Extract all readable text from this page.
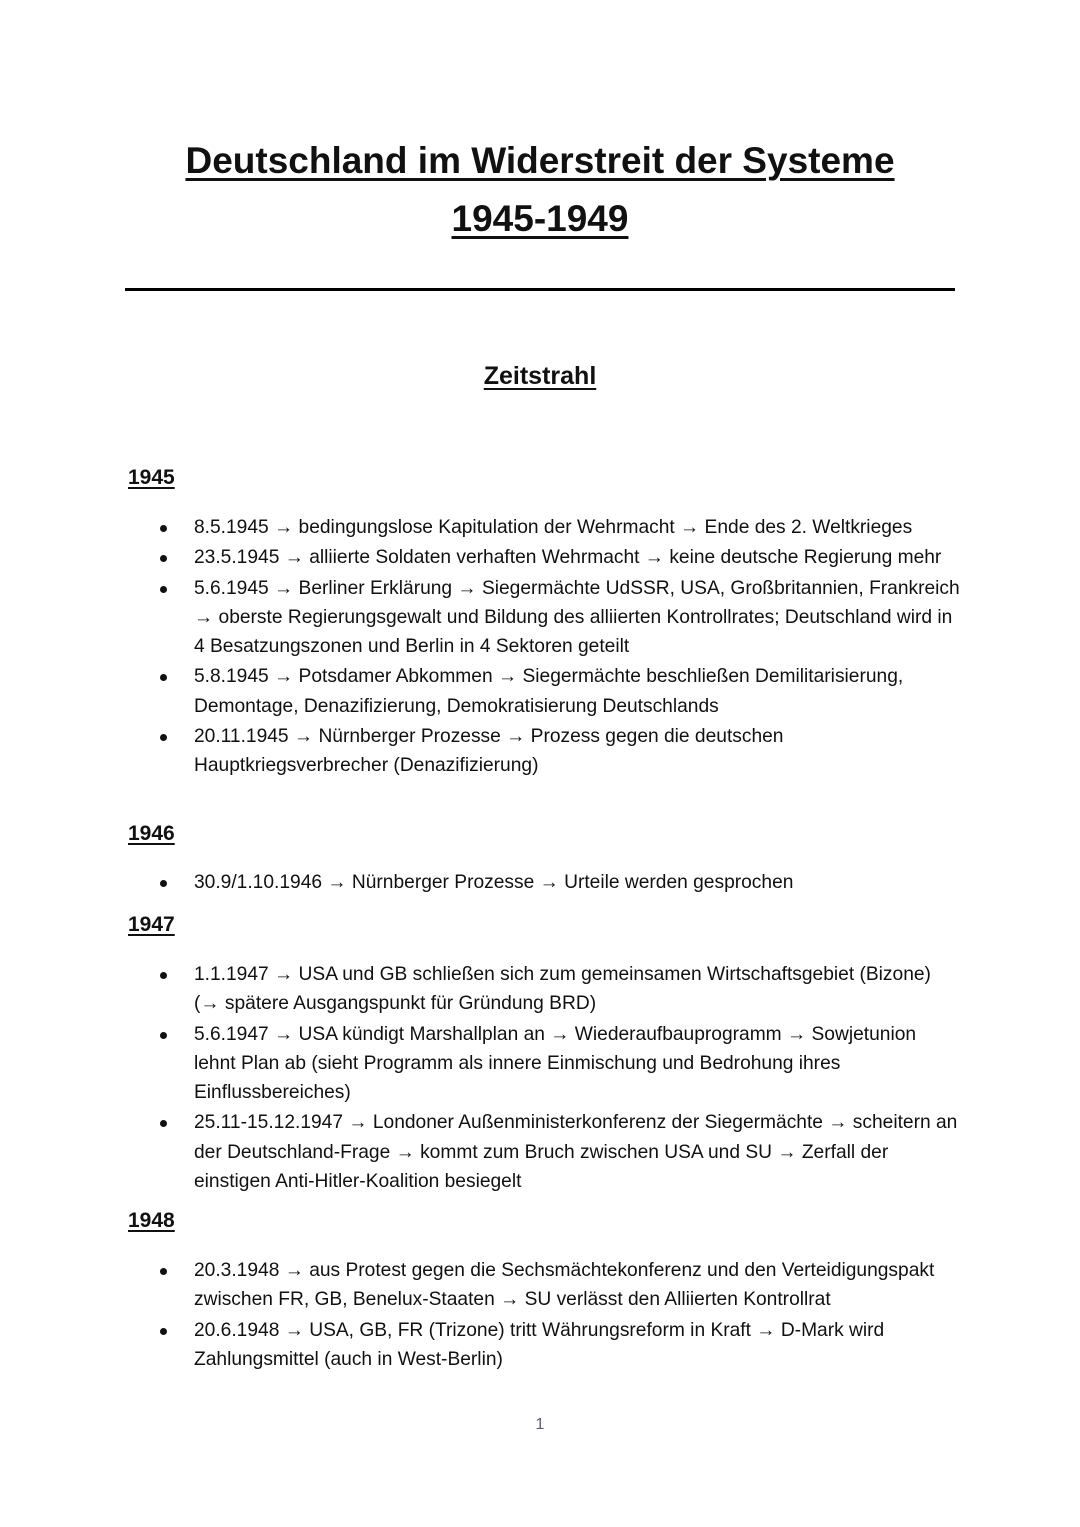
Deutschland im Widerstreit der Systeme
1945-1949
Zeitstrahl
1945
8.5.1945 → bedingungslose Kapitulation der Wehrmacht → Ende des 2. Weltkrieges
23.5.1945 → alliierte Soldaten verhaften Wehrmacht → keine deutsche Regierung mehr
5.6.1945 → Berliner Erklärung → Siegermächte UdSSR, USA, Großbritannien, Frankreich → oberste Regierungsgewalt und Bildung des alliierten Kontrollrates; Deutschland wird in 4 Besatzungszonen und Berlin in 4 Sektoren geteilt
5.8.1945 → Potsdamer Abkommen → Siegermächte beschließen Demilitarisierung, Demontage, Denazifizierung, Demokratisierung Deutschlands
20.11.1945 → Nürnberger Prozesse → Prozess gegen die deutschen Hauptkriegsverbrecher (Denazifizierung)
1946
30.9/1.10.1946 → Nürnberger Prozesse → Urteile werden gesprochen
1947
1.1.1947 → USA und GB schließen sich zum gemeinsamen Wirtschaftsgebiet (Bizone) (→ spätere Ausgangspunkt für Gründung BRD)
5.6.1947 → USA kündigt Marshallplan an → Wiederaufbauprogramm → Sowjetunion lehnt Plan ab (sieht Programm als innere Einmischung und Bedrohung ihres Einflussbereiches)
25.11-15.12.1947 → Londoner Außenministerkonferenz der Siegermächte → scheitern an der Deutschland-Frage → kommt zum Bruch zwischen USA und SU → Zerfall der einstigen Anti-Hitler-Koalition besiegelt
1948
20.3.1948 → aus Protest gegen die Sechsmächtekonferenz und den Verteidigungspakt zwischen FR, GB, Benelux-Staaten → SU verlässt den Alliierten Kontrollrat
20.6.1948 → USA, GB, FR (Trizone) tritt Währungsreform in Kraft → D-Mark wird Zahlungsmittel (auch in West-Berlin)
1
